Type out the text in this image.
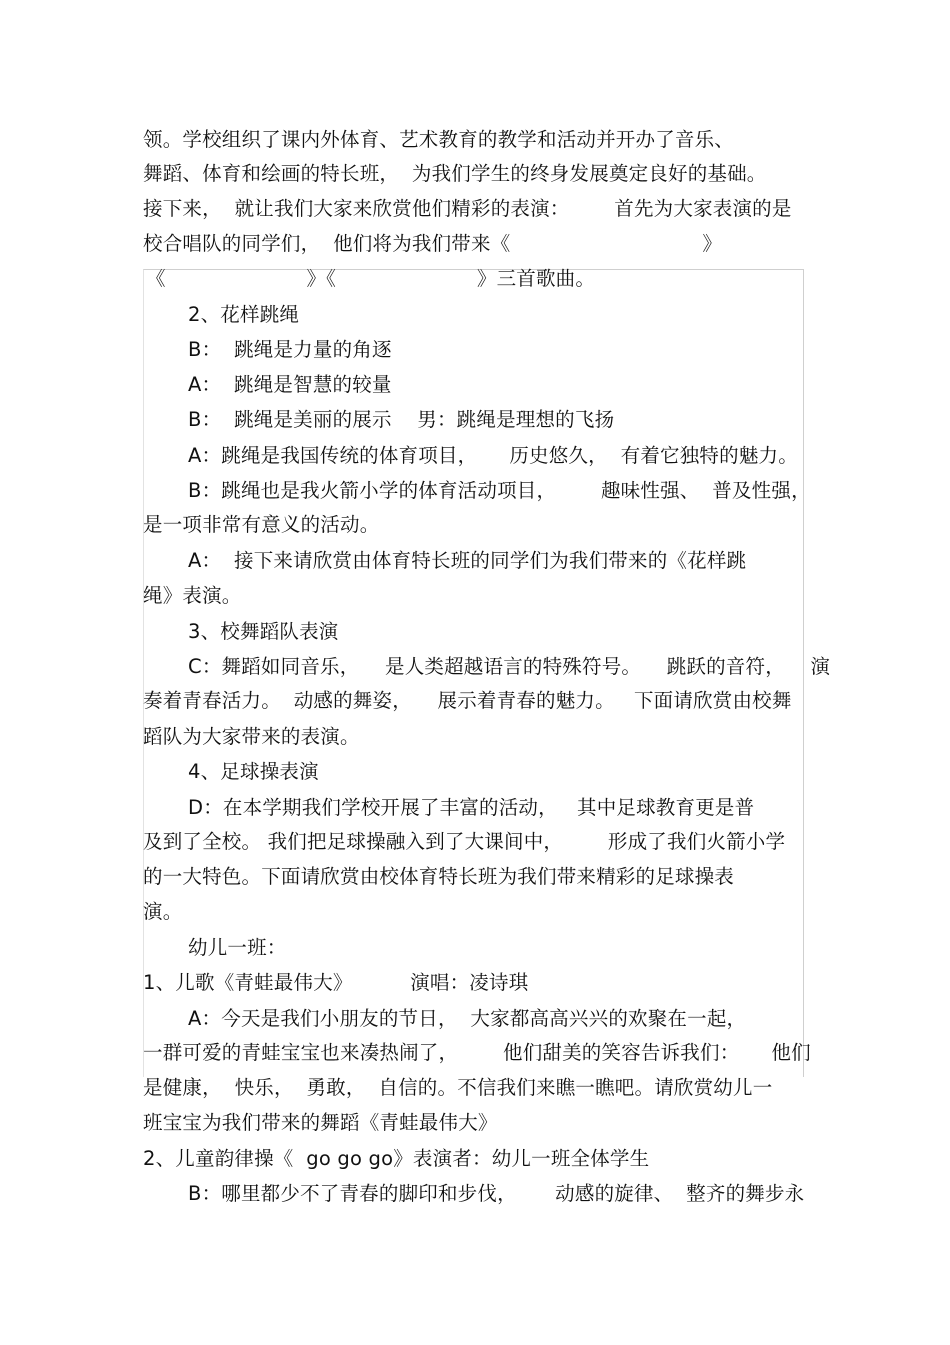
领。学校组织了课内外体育、艺术教育的教学和活动并开办了音乐、
舞蹈、体育和绘画的特长班，  为我们学生的终身发展奠定良好的基础。
接下来，  就让我们大家来欣赏他们精彩的表演：       首先为大家表演的是
校合唱队的同学们，  他们将为我们带来《                              》
《                      》《                      》三首歌曲。
2、花样跳绳
B：  跳绳是力量的角逐
A：  跳绳是智慧的较量
B：  跳绳是美丽的展示    男：跳绳是理想的飞扬
A：跳绳是我国传统的体育项目，     历史悠久，  有着它独特的魅力。
B：跳绳也是我火箭小学的体育活动项目，       趣味性强、  普及性强，
是一项非常有意义的活动。
A：  接下来请欣赏由体育特长班的同学们为我们带来的《花样跳
绳》表演。
3、校舞蹈队表演
C：舞蹈如同音乐，    是人类超越语言的特殊符号。    跳跃的音符，    演
奏着青春活力。  动感的舞姿，    展示着青春的魅力。   下面请欣赏由校舞
蹈队为大家带来的表演。
4、足球操表演
D：在本学期我们学校开展了丰富的活动，   其中足球教育更是普
及到了全校。 我们把足球操融入到了大课间中，       形成了我们火箭小学
的一大特色。下面请欣赏由校体育特长班为我们带来精彩的足球操表
演。
幼儿一班：
1、儿歌《青蛙最伟大》         演唱：凌诗琪
A：今天是我们小朋友的节日，  大家都高高兴兴的欢聚在一起，
一群可爱的青蛙宝宝也来凑热闹了，       他们甜美的笑容告诉我们：     他们
是健康，  快乐，  勇敢，  自信的。不信我们来瞧一瞧吧。请欣赏幼儿一
班宝宝为我们带来的舞蹈《青蛙最伟大》
2、儿童韵律操《  go go go》表演者：幼儿一班全体学生
B：哪里都少不了青春的脚印和步伐，      动感的旋律、  整齐的舞步永
